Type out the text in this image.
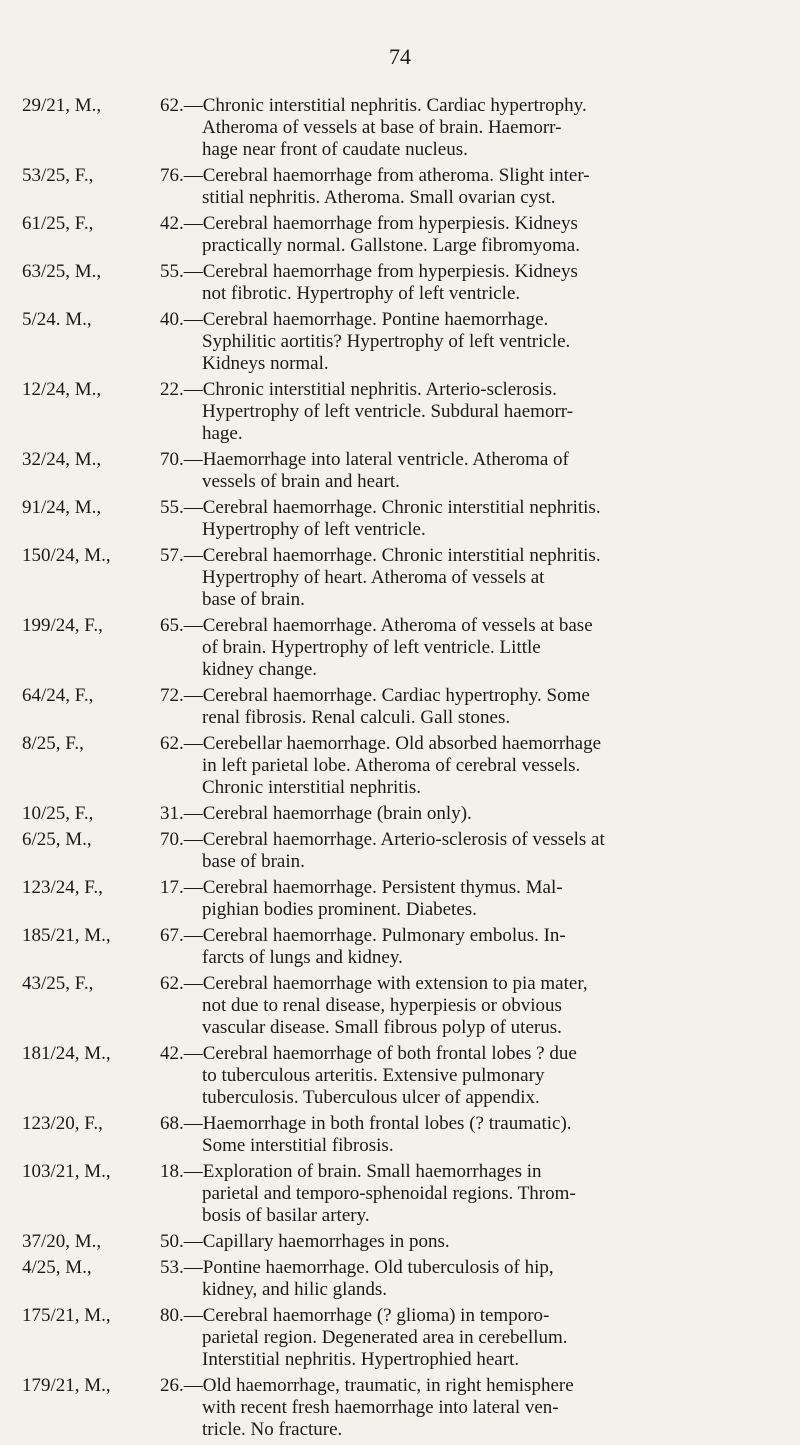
74
29/21, M.,	62.—Chronic interstitial nephritis. Cardiac hypertrophy.
Atheroma of vessels at base of brain. Haemorr-
hage near front of caudate nucleus.
53/25, F.,	76.—Cerebral haemorrhage from atheroma. Slight inter-
stitial nephritis. Atheroma. Small ovarian cyst.
61/25, F.,	42.—Cerebral haemorrhage from hyperpiesis. Kidneys
practically normal. Gallstone. Large fibromyoma.
63/25, M.,	55.—Cerebral haemorrhage from hyperpiesis. Kidneys
not fibrotic. Hypertrophy of left ventricle.
5/24. M.,	40.—Cerebral haemorrhage. Pontine haemorrhage.
Syphilitic aortitis? Hypertrophy of left ventricle.
Kidneys normal.
12/24, M.,	22.—Chronic interstitial nephritis. Arterio-sclerosis.
Hypertrophy of left ventricle. Subdural haemorr-
hage.
32/24, M.,	70.—Haemorrhage into lateral ventricle. Atheroma of
vessels of brain and heart.
91/24, M.,	55.—Cerebral haemorrhage. Chronic interstitial nephritis.
Hypertrophy of left ventricle.
150/24, M.,	57.—Cerebral haemorrhage. Chronic interstitial nephritis.
Hypertrophy of heart. Atheroma of vessels at
base of brain.
199/24, F.,	65.—Cerebral haemorrhage. Atheroma of vessels at base
of brain. Hypertrophy of left ventricle. Little
kidney change.
64/24, F.,	72.—Cerebral haemorrhage. Cardiac hypertrophy. Some
renal fibrosis. Renal calculi. Gall stones.
8/25, F.,	62.—Cerebellar haemorrhage. Old absorbed haemorrhage
in left parietal lobe. Atheroma of cerebral vessels.
Chronic interstitial nephritis.
10/25, F.,	31.—Cerebral haemorrhage (brain only).
6/25, M.,	70.—Cerebral haemorrhage. Arterio-sclerosis of vessels at
base of brain.
123/24, F.,	17.—Cerebral haemorrhage. Persistent thymus. Mal-
pighian bodies prominent. Diabetes.
185/21, M.,	67.—Cerebral haemorrhage. Pulmonary embolus. In-
farcts of lungs and kidney.
43/25, F.,	62.—Cerebral haemorrhage with extension to pia mater,
not due to renal disease, hyperpiesis or obvious
vascular disease. Small fibrous polyp of uterus.
181/24, M.,	42.—Cerebral haemorrhage of both frontal lobes ? due
to tuberculous arteritis. Extensive pulmonary
tuberculosis. Tuberculous ulcer of appendix.
123/20, F.,	68.—Haemorrhage in both frontal lobes (? traumatic).
Some interstitial fibrosis.
103/21, M.,	18.—Exploration of brain. Small haemorrhages in
parietal and temporo-sphenoidal regions. Throm-
bosis of basilar artery.
37/20, M.,	50.—Capillary haemorrhages in pons.
4/25, M.,	53.—Pontine haemorrhage. Old tuberculosis of hip,
kidney, and hilic glands.
175/21, M.,	80.—Cerebral haemorrhage (? glioma) in temporo-
parietal region. Degenerated area in cerebellum.
Interstitial nephritis. Hypertrophied heart.
179/21, M.,	26.—Old haemorrhage, traumatic, in right hemisphere
with recent fresh haemorrhage into lateral ven-
tricle. No fracture.
